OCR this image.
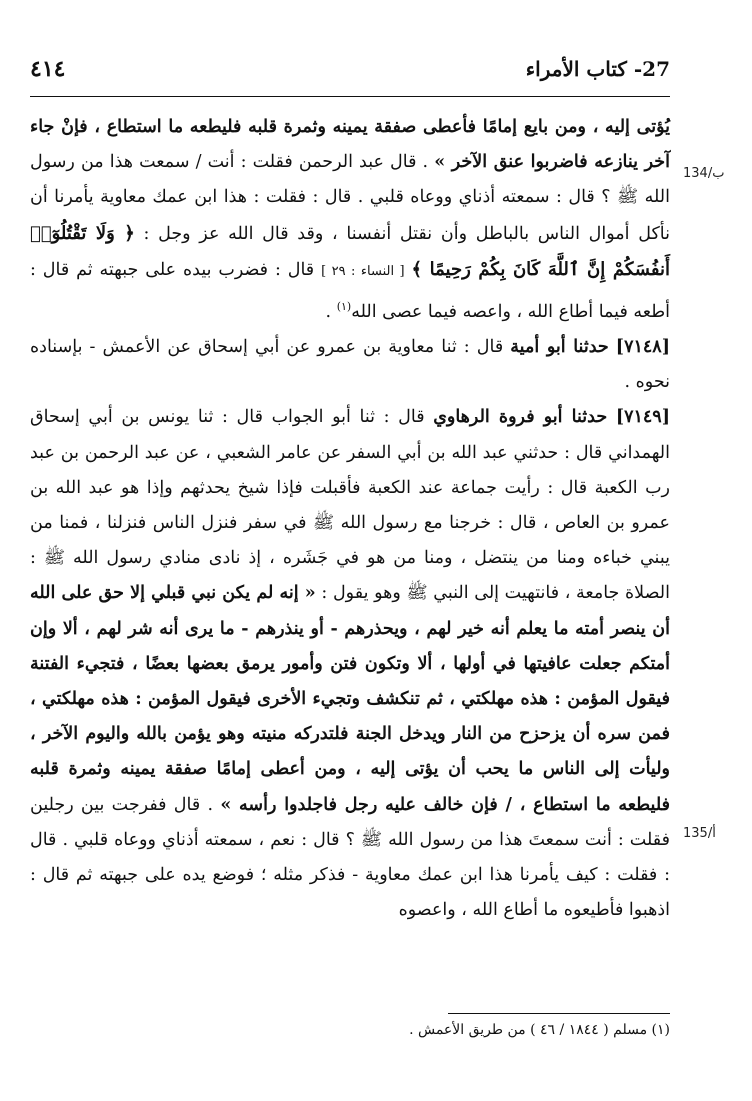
27- كتاب الأمراء
٤١٤
134/ب
135/أ

يُؤتى إليه ، ومن بايع إمامًا فأعطى صفقة يمينه وثمرة قلبه فليطعه ما استطاع ، فإنْ جاء آخر ينازعه فاضربوا عنق الآخر » . قال عبد الرحمن فقلت : أنت / سمعت هذا من رسول الله ﷺ ؟ قال : سمعته أذناي ووعاه قلبي . قال : فقلت : هذا ابن عمك معاوية يأمرنا أن نأكل أموال الناس بالباطل وأن نقتل أنفسنا ، وقد قال الله عز وجل : ﴿ وَلَا تَقْتُلُوٓا۟ أَنفُسَكُمْ إِنَّ ٱللَّهَ كَانَ بِكُمْ رَحِيمًا ﴾ [ النساء : ٢٩ ] قال : فضرب بيده على جبهته ثم قال : أطعه فيما أطاع الله ، واعصه فيما عصى الله$^{(١)}$ .

[٧١٤٨] حدثنا أبو أمية قال : ثنا معاوية بن عمرو عن أبي إسحاق عن الأعمش - بإسناده نحوه .

[٧١٤٩] حدثنا أبو فروة الرهاوي قال : ثنا أبو الجواب قال : ثنا يونس بن أبي إسحاق الهمداني قال : حدثني عبد الله بن أبي السفر عن عامر الشعبي ، عن عبد الرحمن بن عبد رب الكعبة قال : رأيت جماعة عند الكعبة فأقبلت فإذا شيخ يحدثهم وإذا هو عبد الله بن عمرو بن العاص ، قال : خرجنا مع رسول الله ﷺ في سفر فنزل الناس فنزلنا ، فمنا من يبني خباءه ومنا من ينتضل ، ومنا من هو في جَشَره ، إذ نادى منادي رسول الله ﷺ : الصلاة جامعة ، فانتهيت إلى النبي ﷺ وهو يقول : « إنه لم يكن نبي قبلي إلا حق على الله أن ينصر أمته ما يعلم أنه خير لهم ، ويحذرهم - أو ينذرهم - ما يرى أنه شر لهم ، ألا وإن أمتكم جعلت عافيتها في أولها ، ألا وتكون فتن وأمور يرمق بعضها بعضًا ، فتجيء الفتنة فيقول المؤمن : هذه مهلكتي ، ثم تنكشف وتجيء الأخرى فيقول المؤمن : هذه مهلكتي ، فمن سره أن يزحزح من النار ويدخل الجنة فلتدركه منيته وهو يؤمن بالله واليوم الآخر ، وليأت إلى الناس ما يحب أن يؤتى إليه ، ومن أعطى إمامًا صفقة يمينه وثمرة قلبه فليطعه ما استطاع ، / فإن خالف عليه رجل فاجلدوا رأسه » . قال ففرجت بين رجلين فقلت : أنت سمعتَ هذا من رسول الله ﷺ ؟ قال : نعم ، سمعته أذناي ووعاه قلبي . قال : فقلت : كيف يأمرنا هذا ابن عمك معاوية - فذكر مثله ؛ فوضع يده على جبهته ثم قال : اذهبوا فأطيعوه ما أطاع الله ، واعصوه

(١) مسلم ( ١٨٤٤ / ٤٦ ) من طريق الأعمش .
